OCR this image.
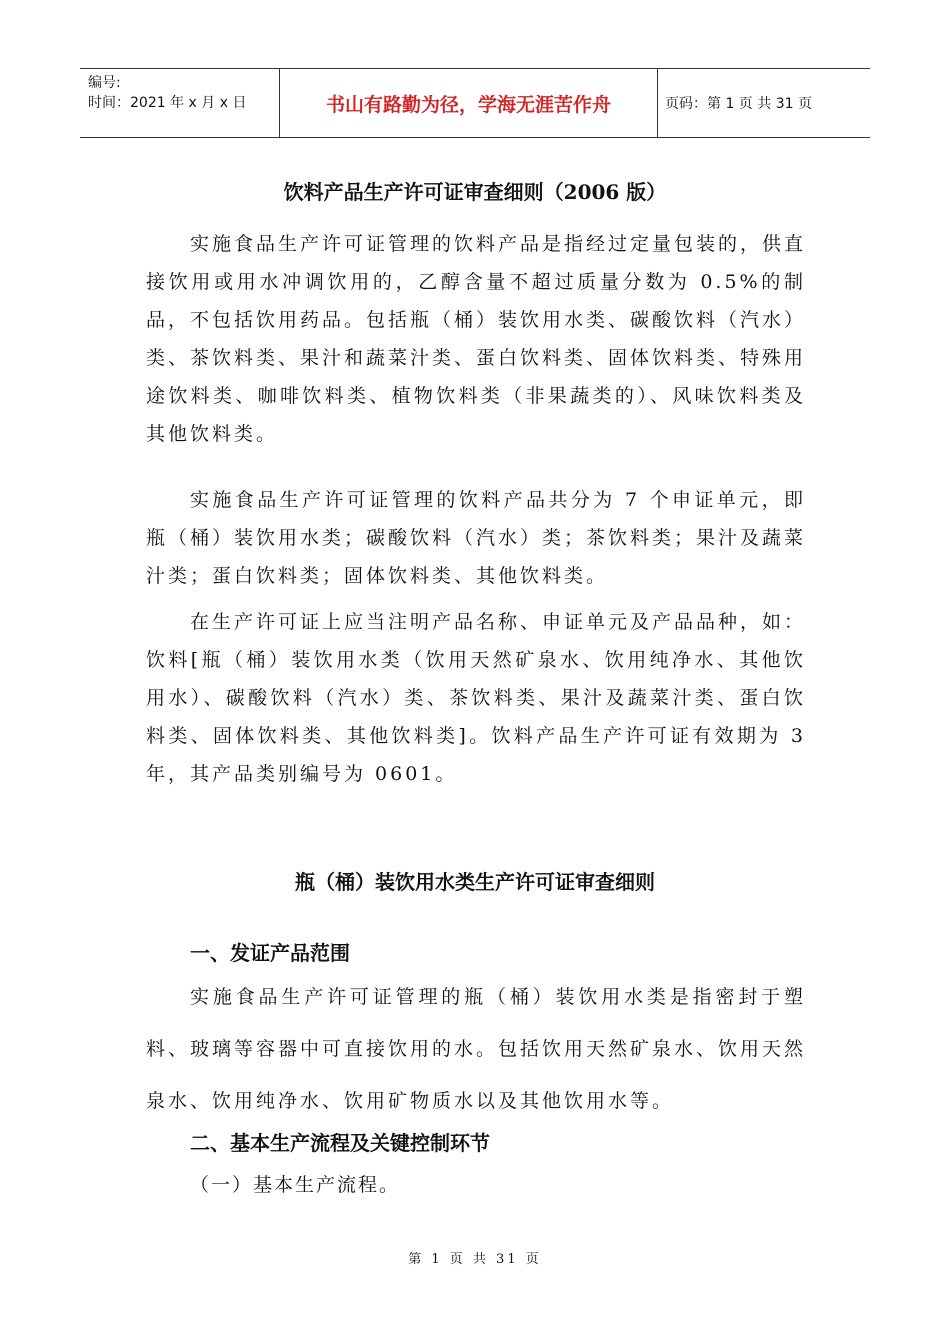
编号:
时间：2021 年 x 月 x 日	书山有路勤为径，学海无涯苦作舟	页码：第 1 页 共 31 页
饮料产品生产许可证审查细则（2006 版）

实施食品生产许可证管理的饮料产品是指经过定量包装的，供直接饮用或用水冲调饮用的，乙醇含量不超过质量分数为 0.5%的制品，不包括饮用药品。包括瓶（桶）装饮用水类、碳酸饮料（汽水）类、茶饮料类、果汁和蔬菜汁类、蛋白饮料类、固体饮料类、特殊用途饮料类、咖啡饮料类、植物饮料类（非果蔬类的）、风味饮料类及其他饮料类。

实施食品生产许可证管理的饮料产品共分为 7 个申证单元，即瓶（桶）装饮用水类；碳酸饮料（汽水）类；茶饮料类；果汁及蔬菜汁类；蛋白饮料类；固体饮料类、其他饮料类。

在生产许可证上应当注明产品名称、申证单元及产品品种，如：饮料[瓶（桶）装饮用水类（饮用天然矿泉水、饮用纯净水、其他饮用水）、碳酸饮料（汽水）类、茶饮料类、果汁及蔬菜汁类、蛋白饮料类、固体饮料类、其他饮料类]。饮料产品生产许可证有效期为 3 年，其产品类别编号为 0601。

瓶（桶）装饮用水类生产许可证审查细则
一、发证产品范围

实施食品生产许可证管理的瓶（桶）装饮用水类是指密封于塑料、玻璃等容器中可直接饮用的水。包括饮用天然矿泉水、饮用天然泉水、饮用纯净水、饮用矿物质水以及其他饮用水等。

二、基本生产流程及关键控制环节
（一）基本生产流程。
第 1 页 共 31 页
